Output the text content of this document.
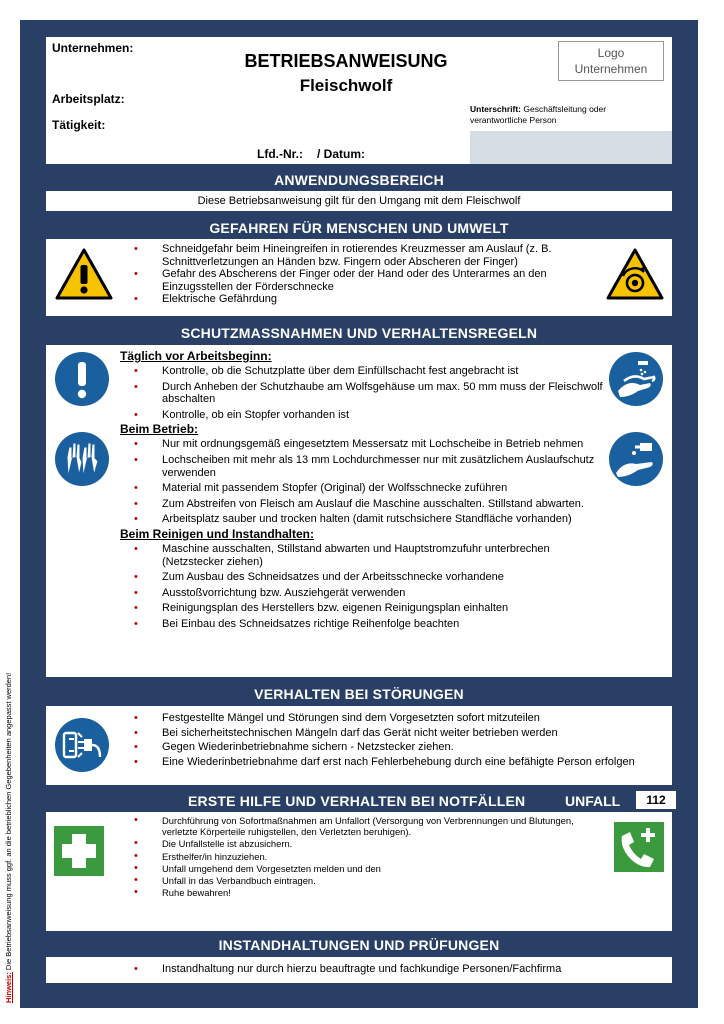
Hinweis: Die Betriebsanweisung muss ggf. an die betrieblichen Gegebenheiten angepasst werden!
Unternehmen:
BETRIEBSANWEISUNG
Fleischwolf
Arbeitsplatz:
Tätigkeit:
Logo
Unternehmen
Unterschrift: Geschäftsleitung oder verantwortliche Person
Lfd.-Nr.: / Datum:
ANWENDUNGSBEREICH
Diese Betriebsanweisung gilt für den Umgang mit dem Fleischwolf
GEFAHREN FÜR MENSCHEN UND UMWELT
• Schneidgefahr beim Hineingreifen in rotierendes Kreuzmesser am Auslauf (z. B. Schnittverletzungen an Händen bzw. Fingern oder Abscheren der Finger)
• Gefahr des Abscherens der Finger oder der Hand oder des Unterarmes an den Einzugsstellen der Förderschnecke
• Elektrische Gefährdung
SCHUTZMASSNAHMEN UND VERHALTENSREGELN
Täglich vor Arbeitsbeginn:
• Kontrolle, ob die Schutzplatte über dem Einfüllschacht fest angebracht ist
• Durch Anheben der Schutzhaube am Wolfsgehäuse um max. 50 mm muss der Fleischwolf abschalten
• Kontrolle, ob ein Stopfer vorhanden ist
Beim Betrieb:
• Nur mit ordnungsgemäß eingesetztem Messersatz mit Lochscheibe in Betrieb nehmen
• Lochscheiben mit mehr als 13 mm Lochdurchmesser nur mit zusätzlichem Auslaufschutz verwenden
• Material mit passendem Stopfer (Original) der Wolfsschnecke zuführen
• Zum Abstreifen von Fleisch am Auslauf die Maschine ausschalten. Stillstand abwarten.
• Arbeitsplatz sauber und trocken halten (damit rutschsichere Standfläche vorhanden)
Beim Reinigen und Instandhalten:
• Maschine ausschalten, Stillstand abwarten und Hauptstromzufuhr unterbrechen (Netzstecker ziehen)
• Zum Ausbau des Schneidsatzes und der Arbeitsschnecke vorhandene
• Ausstoßvorrichtung bzw. Ausziehgerät verwenden
• Reinigungsplan des Herstellers bzw. eigenen Reinigungsplan einhalten
• Bei Einbau des Schneidsatzes richtige Reihenfolge beachten
VERHALTEN BEI STÖRUNGEN
• Festgestellte Mängel und Störungen sind dem Vorgesetzten sofort mitzuteilen
• Bei sicherheitstechnischen Mängeln darf das Gerät nicht weiter betrieben werden
• Gegen Wiederinbetriebnahme sichern - Netzstecker ziehen.
• Eine Wiederinbetriebnahme darf erst nach Fehlerbehebung durch eine befähigte Person erfolgen
ERSTE HILFE UND VERHALTEN BEI NOTFÄLLEN	UNFALL	112
• Durchführung von Sofortmaßnahmen am Unfallort (Versorgung von Verbrennungen und Blutungen, verletzte Körperteile ruhigstellen, den Verletzten beruhigen).
• Die Unfallstelle ist abzusichern.
• Ersthelfer/in hinzuziehen.
• Unfall umgehend dem Vorgesetzten melden und den
• Unfall in das Verbandbuch eintragen.
• Ruhe bewahren!
INSTANDHALTUNGEN UND PRÜFUNGEN
• Instandhaltung nur durch hierzu beauftragte und fachkundige Personen/Fachfirma
